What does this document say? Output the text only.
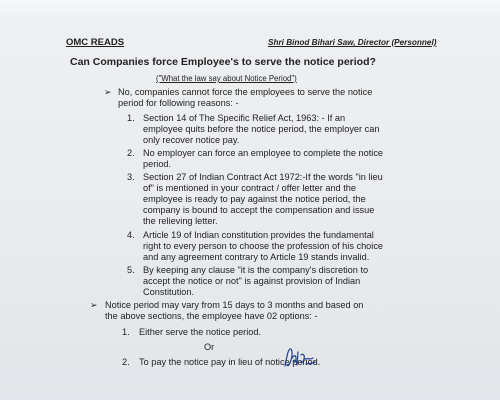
OMC READS	Shri Binod Bihari Saw, Director (Personnel)
Can Companies force Employee's to serve the notice period?
("What the law say about Notice Period")
➢ No, companies cannot force the employees to serve the notice
period for following reasons: -
1. Section 14 of The Specific Relief Act, 1963: - If an
employee quits before the notice period, the employer can
only recover notice pay.
2. No employer can force an employee to complete the notice
period.
3. Section 27 of Indian Contract Act 1972:-If the words "in lieu
of" is mentioned in your contract / offer letter and the
employee is ready to pay against the notice period, the
company is bound to accept the compensation and issue
the relieving letter.
4. Article 19 of Indian constitution provides the fundamental
right to every person to choose the profession of his choice
and any agreement contrary to Article 19 stands invalid.
5. By keeping any clause "it is the company's discretion to
accept the notice or not" is against provision of Indian
Constitution.
➢ Notice period may vary from 15 days to 3 months and based on
the above sections, the employee have 02 options: -
1. Either serve the notice period.
Or
2. To pay the notice pay in lieu of notice period.
